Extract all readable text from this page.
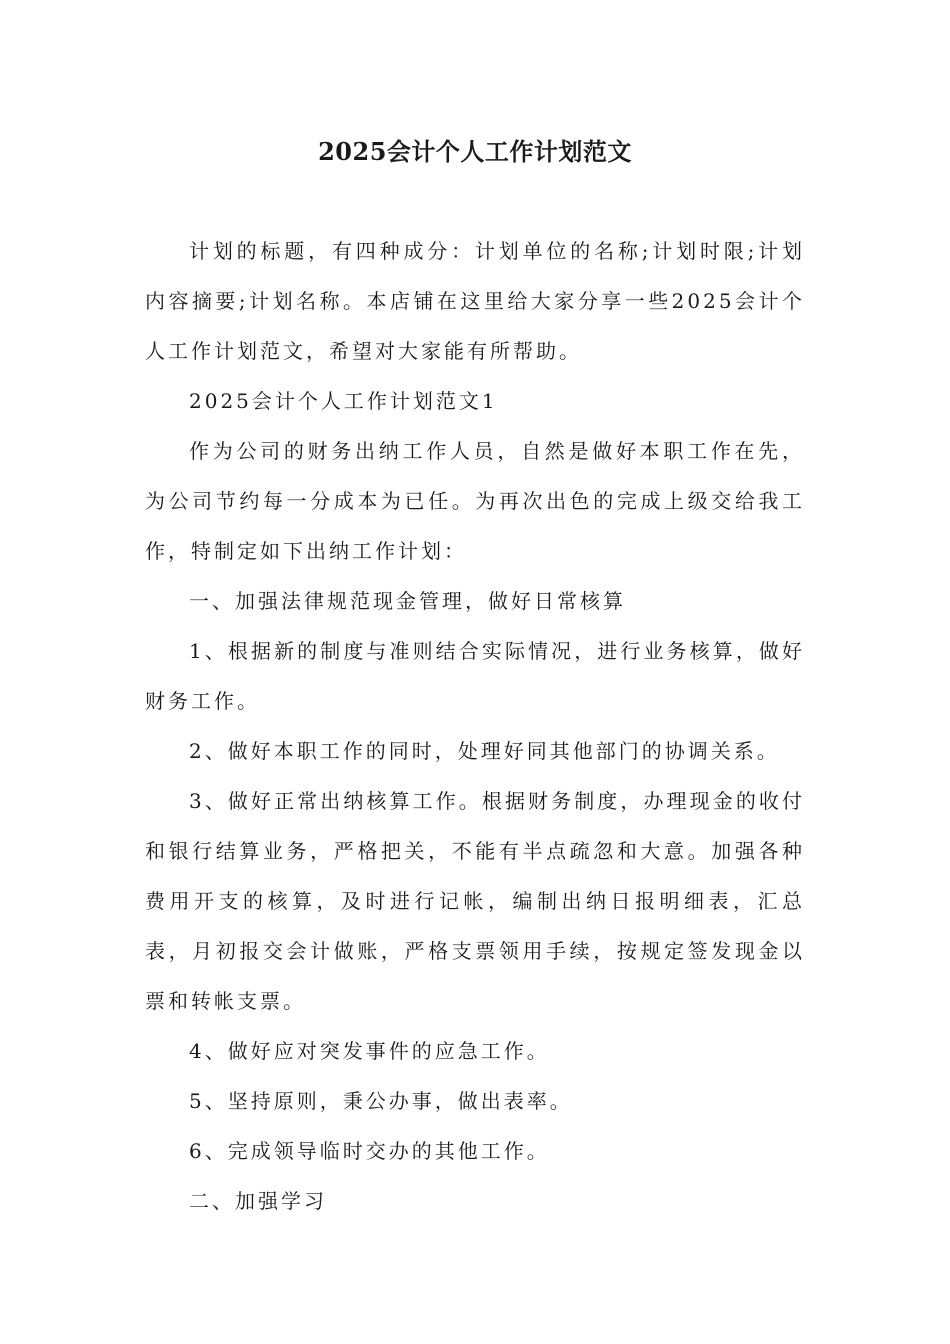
2025会计个人工作计划范文

计划的标题，有四种成分：计划单位的名称;计划时限;计划内容摘要;计划名称。本店铺在这里给大家分享一些2025会计个人工作计划范文，希望对大家能有所帮助。

2025会计个人工作计划范文1

作为公司的财务出纳工作人员，自然是做好本职工作在先，为公司节约每一分成本为已任。为再次出色的完成上级交给我工作，特制定如下出纳工作计划：

一、加强法律规范现金管理，做好日常核算

1、根据新的制度与准则结合实际情况，进行业务核算，做好财务工作。

2、做好本职工作的同时，处理好同其他部门的协调关系。

3、做好正常出纳核算工作。根据财务制度，办理现金的收付和银行结算业务，严格把关，不能有半点疏忽和大意。加强各种费用开支的核算，及时进行记帐，编制出纳日报明细表，汇总表，月初报交会计做账，严格支票领用手续，按规定签发现金以票和转帐支票。

4、做好应对突发事件的应急工作。

5、坚持原则，秉公办事，做出表率。

6、完成领导临时交办的其他工作。

二、加强学习
